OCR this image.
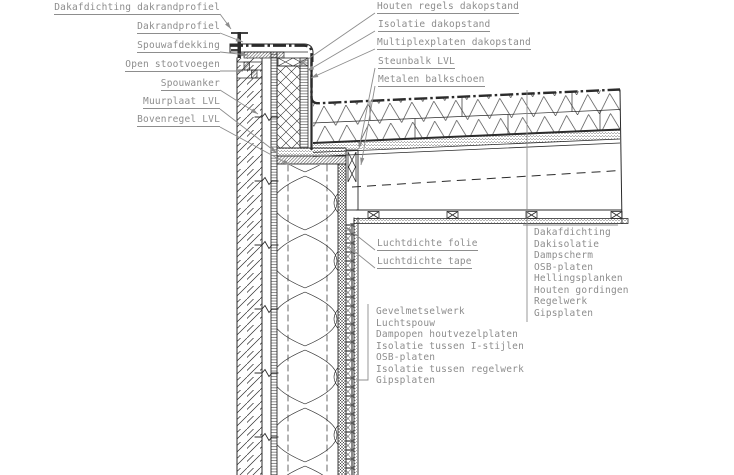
Dakafdichting dakrandprofiel
Dakrandprofiel
Spouwafdekking
Open stootvoegen
Spouwanker
Muurplaat LVL
Bovenregel LVL
Houten regels dakopstand
Isolatie dakopstand
Multiplexplaten dakopstand
Steunbalk LVL
Metalen balkschoen
Luchtdichte folie
Luchtdichte tape
Dakafdichting
Dakisolatie
Dampscherm
OSB-platen
Hellingsplanken
Houten gordingen
Regelwerk
Gipsplaten
Gevelmetselwerk
Luchtspouw
Dampopen houtvezelplaten
Isolatie tussen I-stijlen
OSB-platen
Isolatie tussen regelwerk
Gipsplaten
